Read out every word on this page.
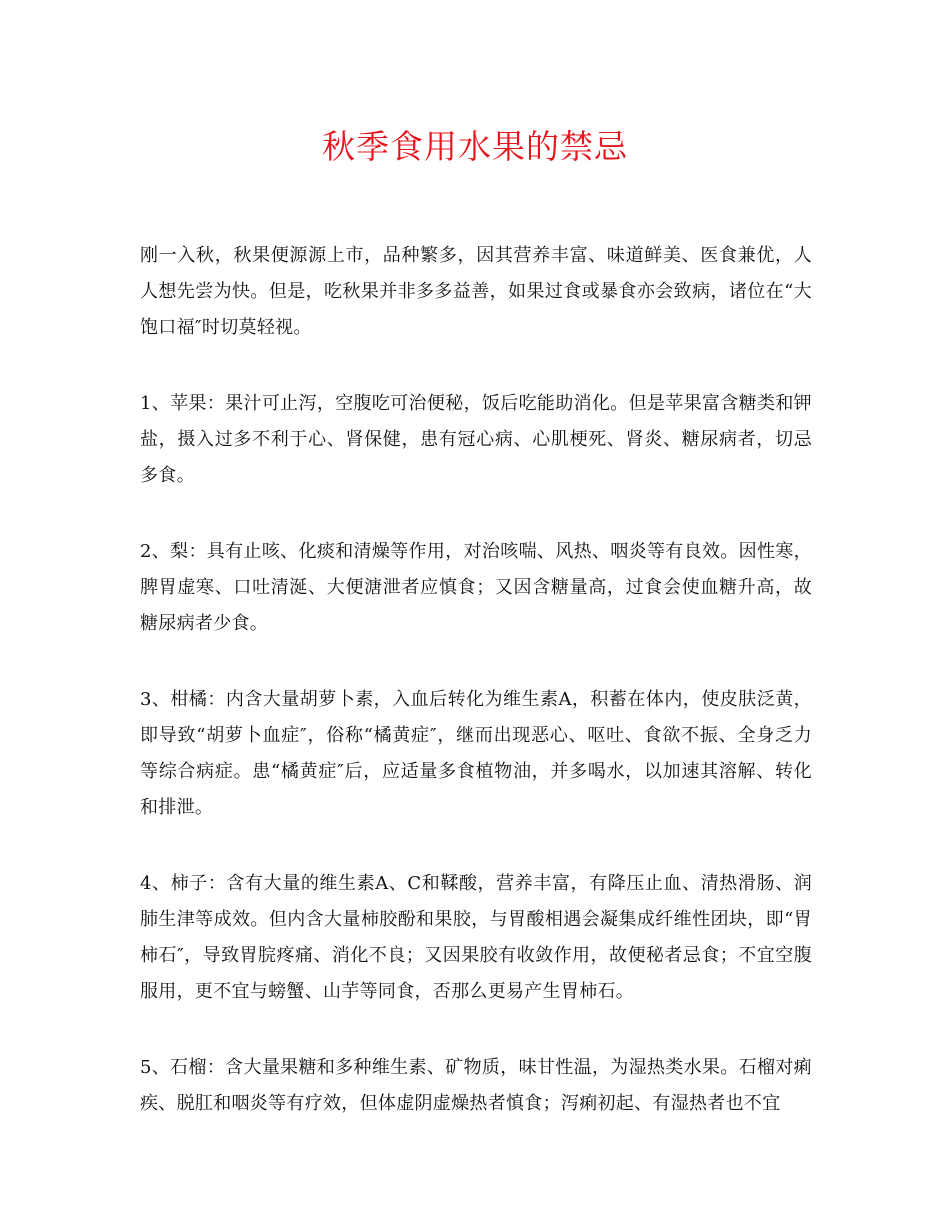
秋季食用水果的禁忌

刚一入秋，秋果便源源上市，品种繁多，因其营养丰富、味道鲜美、医食兼优，人人想先尝为快。但是，吃秋果并非多多益善，如果过食或暴食亦会致病，诸位在“大饱口福″时切莫轻视。

1、苹果：果汁可止泻，空腹吃可治便秘，饭后吃能助消化。但是苹果富含糖类和钾盐，摄入过多不利于心、肾保健，患有冠心病、心肌梗死、肾炎、糖尿病者，切忌多食。

2、梨：具有止咳、化痰和清燥等作用，对治咳喘、风热、咽炎等有良效。因性寒，脾胃虚寒、口吐清涎、大便溏泄者应慎食；又因含糖量高，过食会使血糖升高，故糖尿病者少食。

3、柑橘：内含大量胡萝卜素，入血后转化为维生素A，积蓄在体内，使皮肤泛黄，即导致“胡萝卜血症″，俗称“橘黄症″，继而出现恶心、呕吐、食欲不振、全身乏力等综合病症。患“橘黄症″后，应适量多食植物油，并多喝水，以加速其溶解、转化和排泄。

4、柿子：含有大量的维生素A、C和鞣酸，营养丰富，有降压止血、清热滑肠、润肺生津等成效。但内含大量柿胶酚和果胶，与胃酸相遇会凝集成纤维性团块，即“胃柿石″，导致胃脘疼痛、消化不良；又因果胶有收敛作用，故便秘者忌食；不宜空腹服用，更不宜与螃蟹、山芋等同食，否那么更易产生胃柿石。

5、石榴：含大量果糖和多种维生素、矿物质，味甘性温，为湿热类水果。石榴对痢疾、脱肛和咽炎等有疗效，但体虚阴虚燥热者慎食；泻痢初起、有湿热者也不宜
